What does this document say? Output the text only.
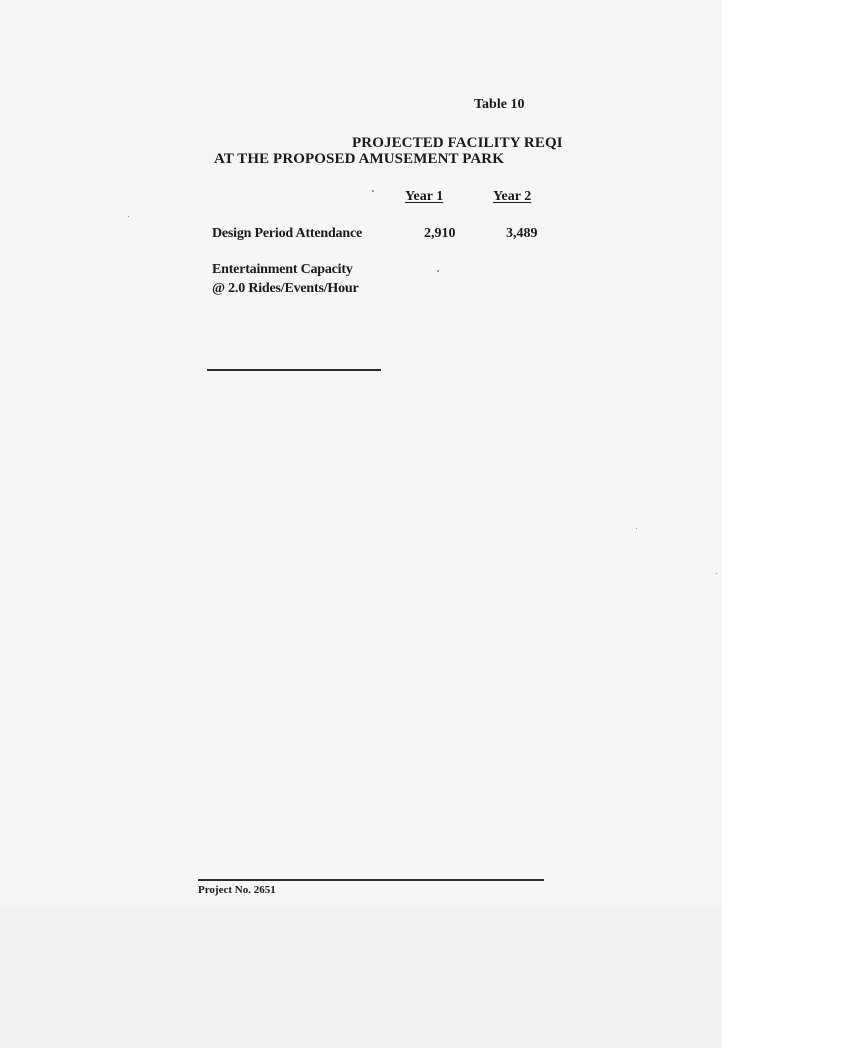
Table 10
PROJECTED FACILITY REQI
AT THE PROPOSED AMUSEMENT PARK
Year 1	Year 2
Design Period Attendance	2,910	3,489
Entertainment Capacity
@ 2.0 Rides/Events/Hour
Project No. 2651
